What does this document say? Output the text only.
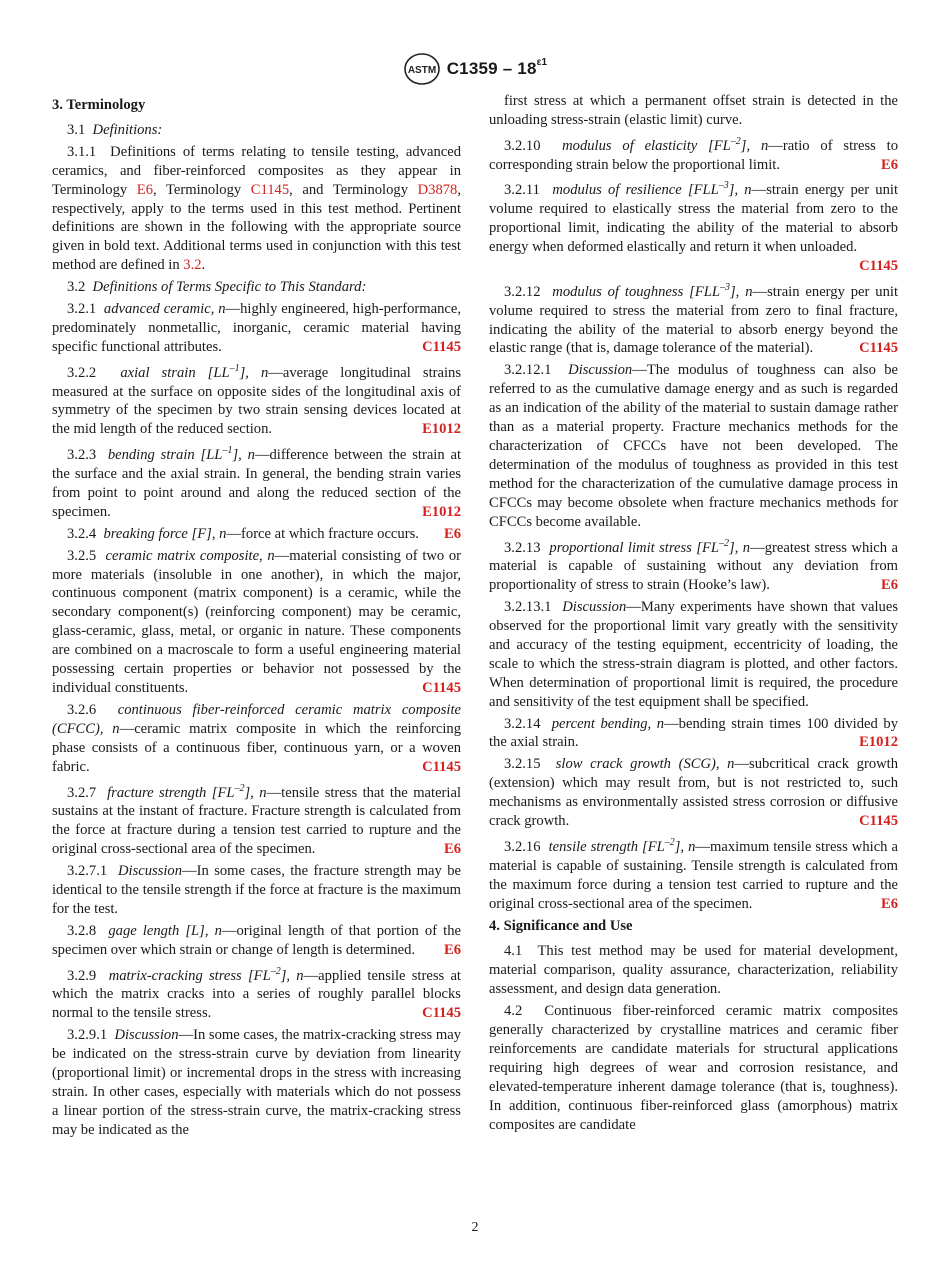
ASTM $C1359 - 18^{\varepsilon 1}$

3. Terminology

3.1 Definitions:

3.1.1 Definitions of terms relating to tensile testing, advanced ceramics, and fiber-reinforced composites as they appear in Terminology E6, Terminology C1145, and Terminology D3878, respectively, apply to the terms used in this test method. Pertinent definitions are shown in the following with the appropriate source given in bold text. Additional terms used in conjunction with this test method are defined in 3.2.

3.2 Definitions of Terms Specific to This Standard:

3.2.1 advanced ceramic, n—highly engineered, high-performance, predominately nonmetallic, inorganic, ceramic material having specific functional attributes.	C1145

3.2.2 axial strain $[LL^{-1}]$, n—average longitudinal strains measured at the surface on opposite sides of the longitudinal axis of symmetry of the specimen by two strain sensing devices located at the mid length of the reduced section.	E1012

3.2.3 bending strain $[LL^{-1}]$, n—difference between the strain at the surface and the axial strain. In general, the bending strain varies from point to point around and along the reduced section of the specimen.	E1012

3.2.4 breaking force [F], n—force at which fracture occurs. E6

3.2.5 ceramic matrix composite, n—material consisting of two or more materials (insoluble in one another), in which the major, continuous component (matrix component) is a ceramic, while the secondary component(s) (reinforcing component) may be ceramic, glass-ceramic, glass, metal, or organic in nature. These components are combined on a macroscale to form a useful engineering material possessing certain properties or behavior not possessed by the individual constituents.	C1145

3.2.6 continuous fiber-reinforced ceramic matrix composite (CFCC), n—ceramic matrix composite in which the reinforcing phase consists of a continuous fiber, continuous yarn, or a woven fabric.	C1145

3.2.7 fracture strength $[FL^{-2}]$, n—tensile stress that the material sustains at the instant of fracture. Fracture strength is calculated from the force at fracture during a tension test carried to rupture and the original cross-sectional area of the specimen.	E6

3.2.7.1 Discussion—In some cases, the fracture strength may be identical to the tensile strength if the force at fracture is the maximum for the test.

3.2.8 gage length [L], n—original length of that portion of the specimen over which strain or change of length is determined. E6

3.2.9 matrix-cracking stress $[FL^{-2}]$, n—applied tensile stress at which the matrix cracks into a series of roughly parallel blocks normal to the tensile stress.	C1145

3.2.9.1 Discussion—In some cases, the matrix-cracking stress may be indicated on the stress-strain curve by deviation from linearity (proportional limit) or incremental drops in the stress with increasing strain. In other cases, especially with materials which do not possess a linear portion of the stress-strain curve, the matrix-cracking stress may be indicated as the

first stress at which a permanent offset strain is detected in the unloading stress-strain (elastic limit) curve.

3.2.10 modulus of elasticity $[FL^{-2}]$, n—ratio of stress to corresponding strain below the proportional limit.	E6

3.2.11 modulus of resilience $[FLL^{-3}]$, n—strain energy per unit volume required to elastically stress the material from zero to the proportional limit, indicating the ability of the material to absorb energy when deformed elastically and return it when unloaded.
C1145

3.2.12 modulus of toughness $[FLL^{-3}]$, n—strain energy per unit volume required to stress the material from zero to final fracture, indicating the ability of the material to absorb energy beyond the elastic range (that is, damage tolerance of the material).	C1145

3.2.12.1 Discussion—The modulus of toughness can also be referred to as the cumulative damage energy and as such is regarded as an indication of the ability of the material to sustain damage rather than as a material property. Fracture mechanics methods for the characterization of CFCCs have not been developed. The determination of the modulus of toughness as provided in this test method for the characterization of the cumulative damage process in CFCCs may become obsolete when fracture mechanics methods for CFCCs become available.

3.2.13 proportional limit stress $[FL^{-2}]$, n—greatest stress which a material is capable of sustaining without any deviation from proportionality of stress to strain (Hooke’s law).	E6

3.2.13.1 Discussion—Many experiments have shown that values observed for the proportional limit vary greatly with the sensitivity and accuracy of the testing equipment, eccentricity of loading, the scale to which the stress-strain diagram is plotted, and other factors. When determination of proportional limit is required, the procedure and sensitivity of the test equipment shall be specified.

3.2.14 percent bending, n—bending strain times 100 divided by the axial strain.	E1012

3.2.15 slow crack growth (SCG), n—subcritical crack growth (extension) which may result from, but is not restricted to, such mechanisms as environmentally assisted stress corrosion or diffusive crack growth.	C1145

3.2.16 tensile strength $[FL^{-2}]$, n—maximum tensile stress which a material is capable of sustaining. Tensile strength is calculated from the maximum force during a tension test carried to rupture and the original cross-sectional area of the specimen.	E6

4. Significance and Use

4.1 This test method may be used for material development, material comparison, quality assurance, characterization, reliability assessment, and design data generation.

4.2 Continuous fiber-reinforced ceramic matrix composites generally characterized by crystalline matrices and ceramic fiber reinforcements are candidate materials for structural applications requiring high degrees of wear and corrosion resistance, and elevated-temperature inherent damage tolerance (that is, toughness). In addition, continuous fiber-reinforced glass (amorphous) matrix composites are candidate

2
